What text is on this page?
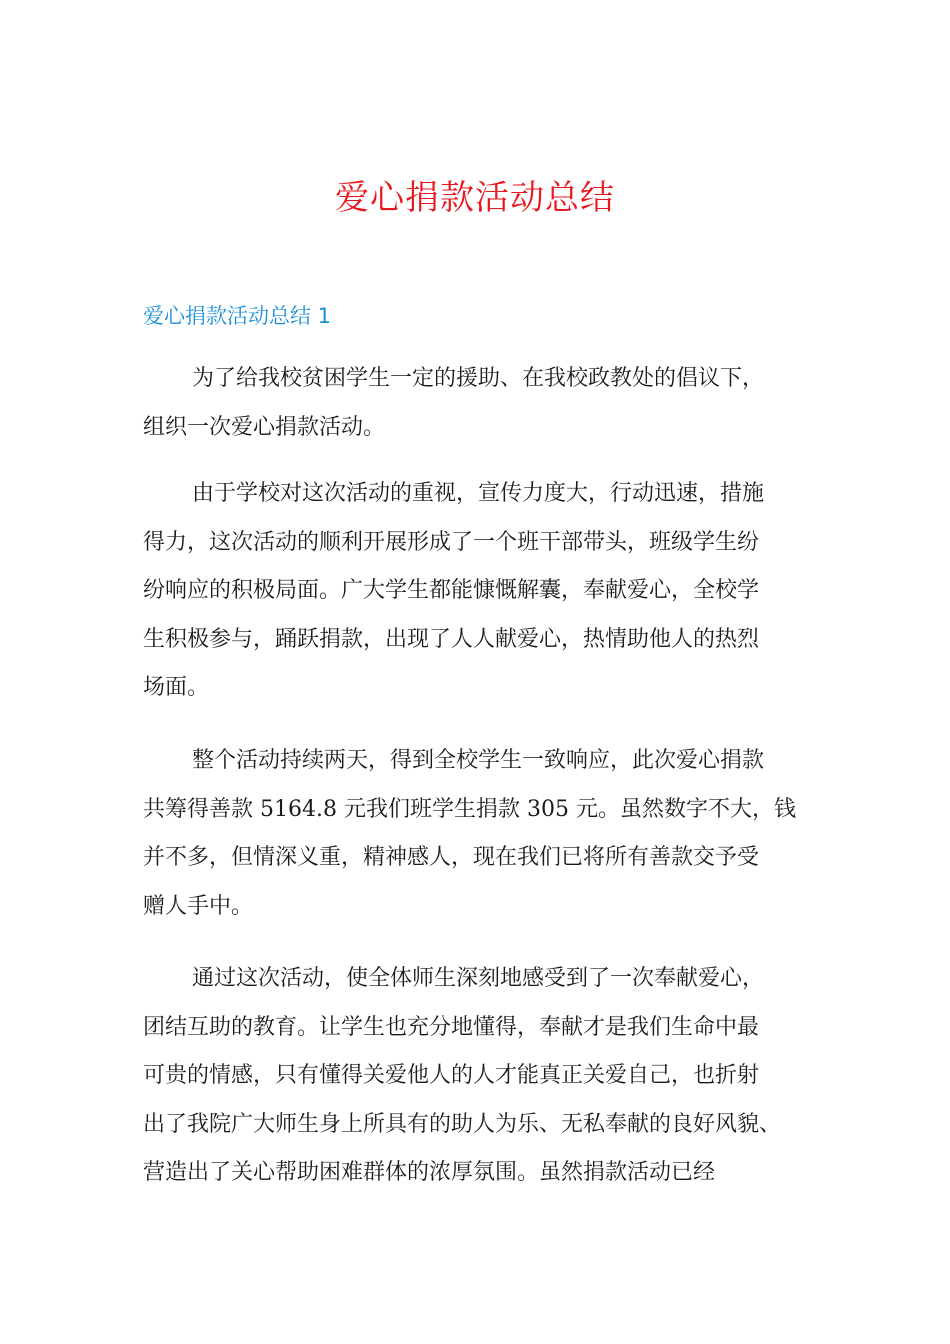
爱心捐款活动总结
爱心捐款活动总结 1
为了给我校贫困学生一定的援助、在我校政教处的倡议下，
组织一次爱心捐款活动。
由于学校对这次活动的重视，宣传力度大，行动迅速，措施
得力，这次活动的顺利开展形成了一个班干部带头，班级学生纷
纷响应的积极局面。广大学生都能慷慨解囊，奉献爱心，全校学
生积极参与，踊跃捐款，出现了人人献爱心，热情助他人的热烈
场面。
整个活动持续两天，得到全校学生一致响应，此次爱心捐款
共筹得善款 5164.8 元我们班学生捐款 305 元。虽然数字不大，钱
并不多，但情深义重，精神感人，现在我们已将所有善款交予受
赠人手中。
通过这次活动，使全体师生深刻地感受到了一次奉献爱心，
团结互助的教育。让学生也充分地懂得，奉献才是我们生命中最
可贵的情感，只有懂得关爱他人的人才能真正关爱自己，也折射
出了我院广大师生身上所具有的助人为乐、无私奉献的良好风貌、
营造出了关心帮助困难群体的浓厚氛围。虽然捐款活动已经
